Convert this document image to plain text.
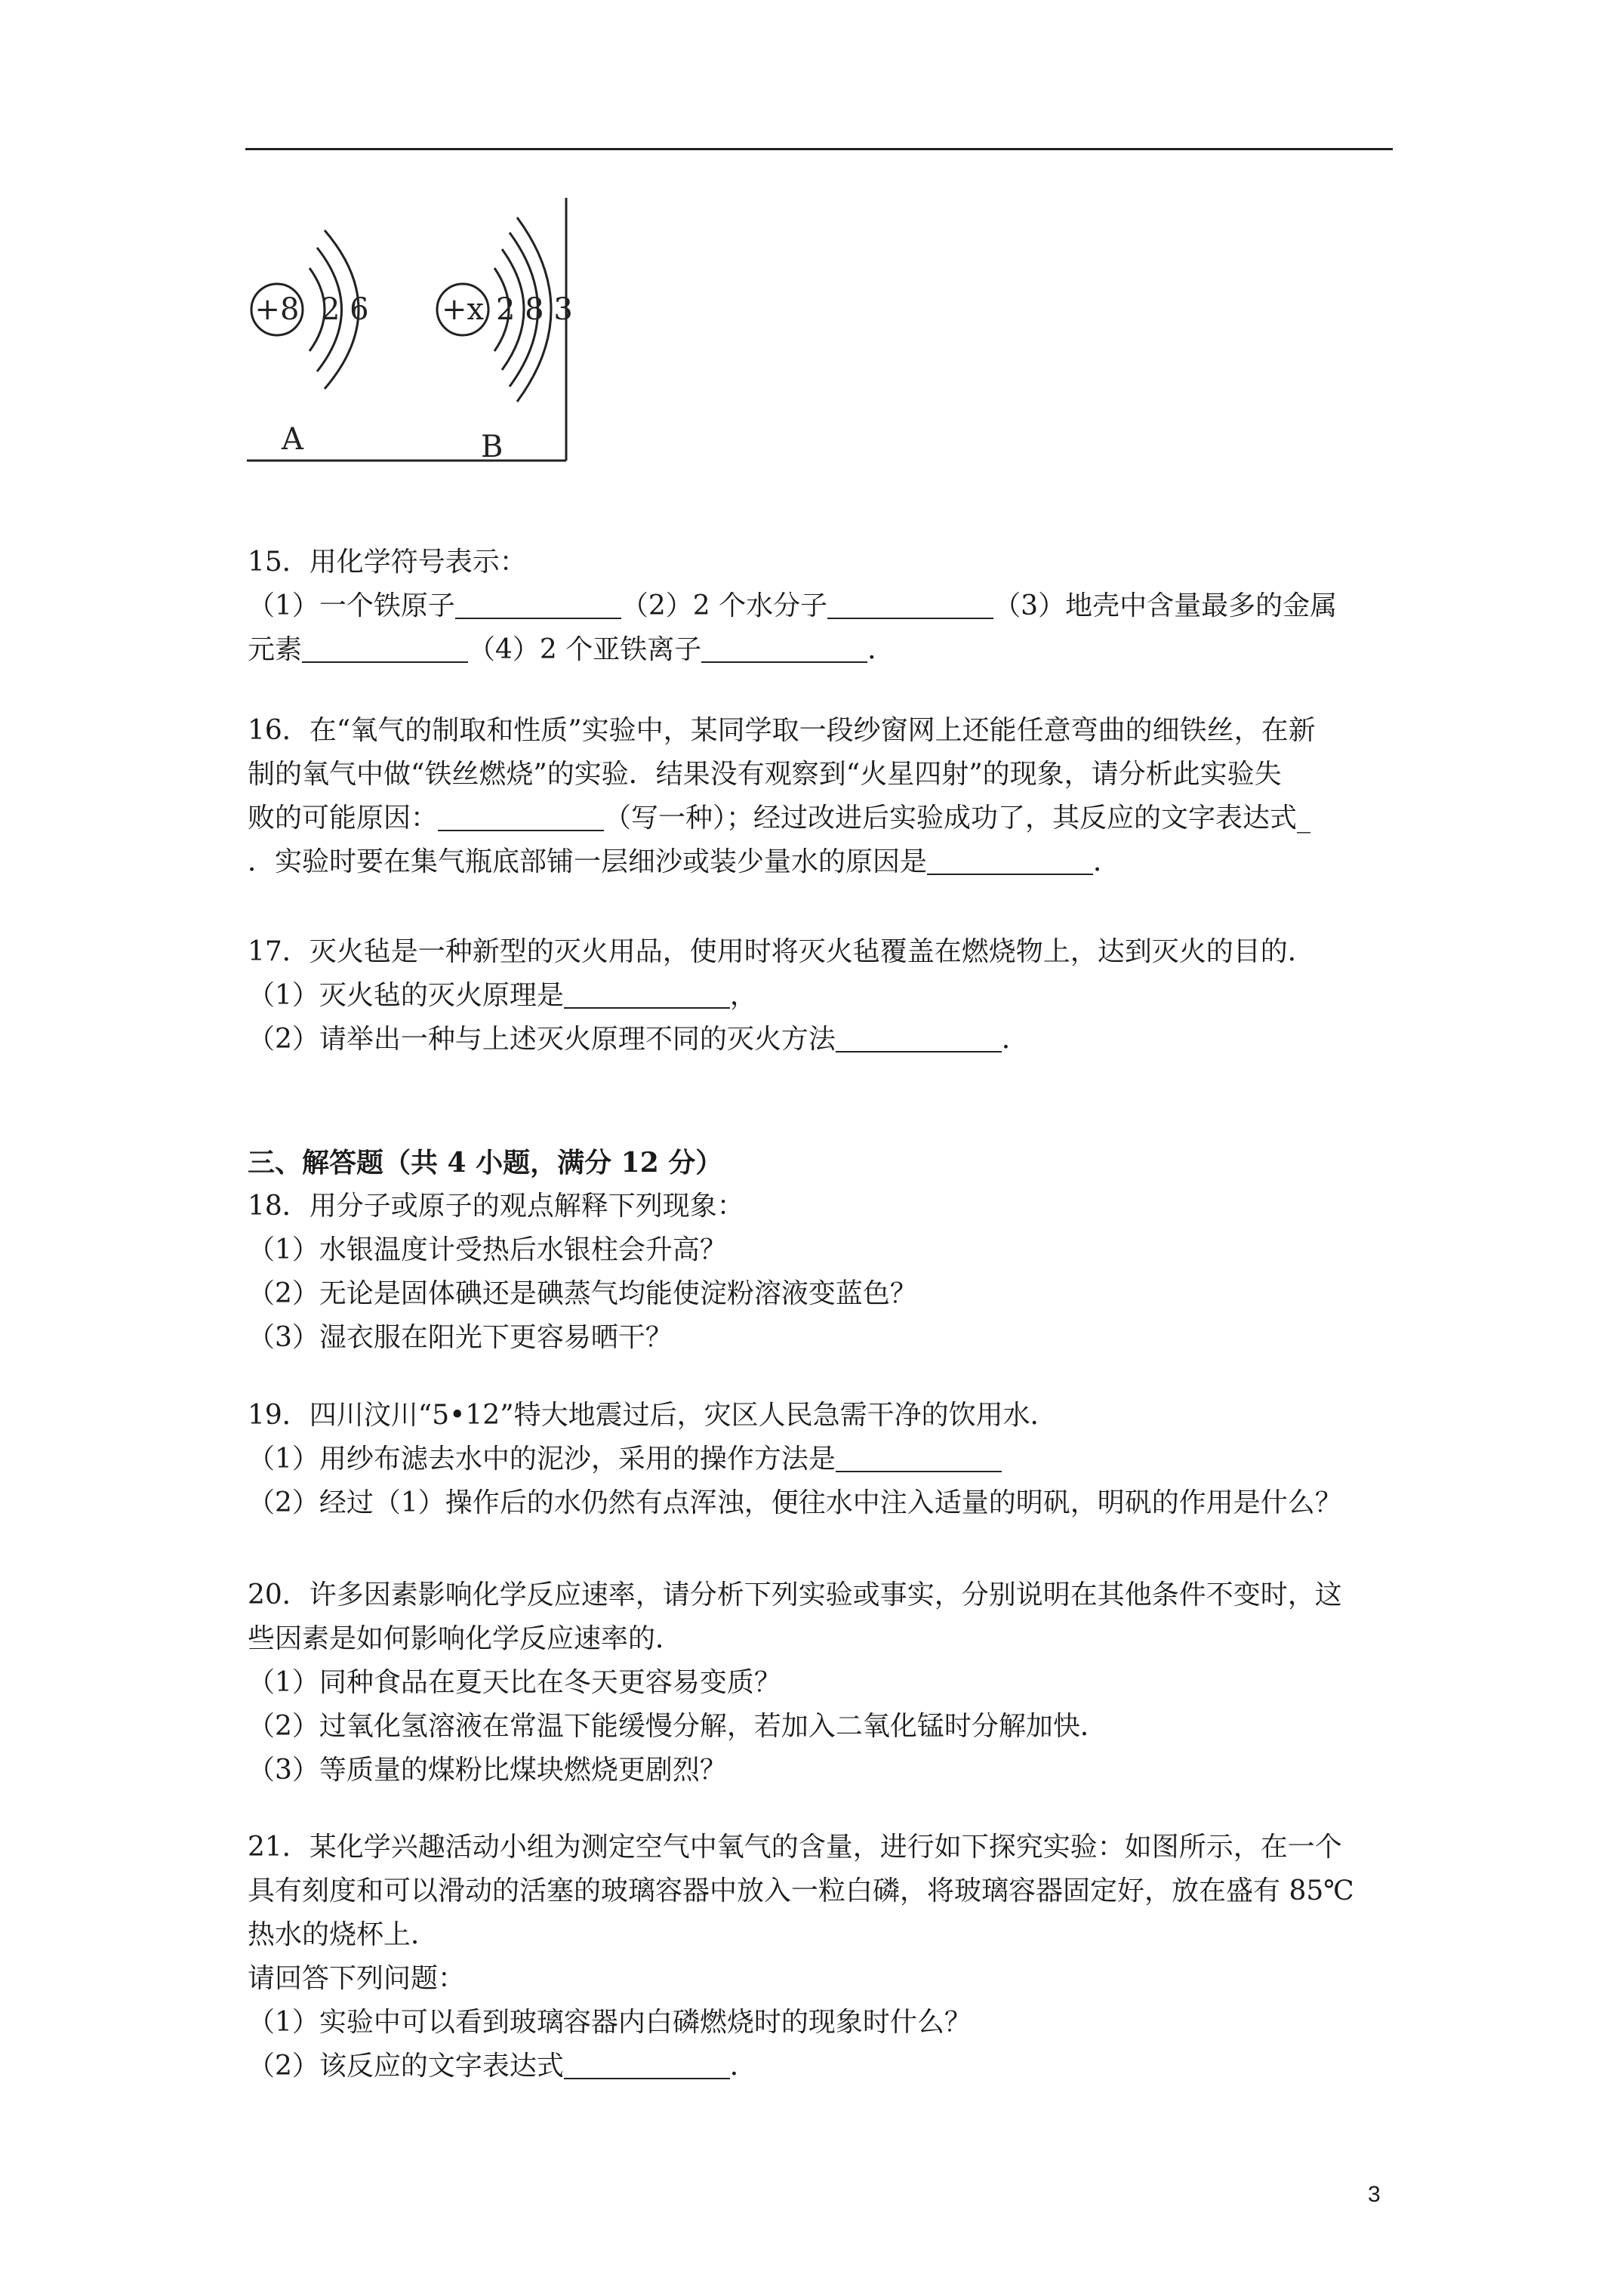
+8 2 6 +x 2 8 3
A	B
15．用化学符号表示：
（1）一个铁原子	（2）2 个水分子	（3）地壳中含量最多的金属
元素	（4）2 个亚铁离子	．
16．在“氧气的制取和性质”实验中，某同学取一段纱窗网上还能任意弯曲的细铁丝，在新
制的氧气中做“铁丝燃烧”的实验．结果没有观察到“火星四射”的现象，请分析此实验失
败的可能原因：	（写一种）；经过改进后实验成功了，其反应的文字表达式_
．实验时要在集气瓶底部铺一层细沙或装少量水的原因是	．
17．灭火毡是一种新型的灭火用品，使用时将灭火毡覆盖在燃烧物上，达到灭火的目的．
（1）灭火毡的灭火原理是	，
（2）请举出一种与上述灭火原理不同的灭火方法	．
三、解答题（共 4 小题，满分 12 分）
18．用分子或原子的观点解释下列现象：
（1）水银温度计受热后水银柱会升高？
（2）无论是固体碘还是碘蒸气均能使淀粉溶液变蓝色？
（3）湿衣服在阳光下更容易晒干？
19．四川汶川“5•12”特大地震过后，灾区人民急需干净的饮用水．
（1）用纱布滤去水中的泥沙，采用的操作方法是
（2）经过（1）操作后的水仍然有点浑浊，便往水中注入适量的明矾，明矾的作用是什么？
20．许多因素影响化学反应速率，请分析下列实验或事实，分别说明在其他条件不变时，这
些因素是如何影响化学反应速率的．
（1）同种食品在夏天比在冬天更容易变质？
（2）过氧化氢溶液在常温下能缓慢分解，若加入二氧化锰时分解加快．
（3）等质量的煤粉比煤块燃烧更剧烈？
21．某化学兴趣活动小组为测定空气中氧气的含量，进行如下探究实验：如图所示，在一个
具有刻度和可以滑动的活塞的玻璃容器中放入一粒白磷，将玻璃容器固定好，放在盛有 85℃
热水的烧杯上．
请回答下列问题：
（1）实验中可以看到玻璃容器内白磷燃烧时的现象时什么？
（2）该反应的文字表达式	．
3
